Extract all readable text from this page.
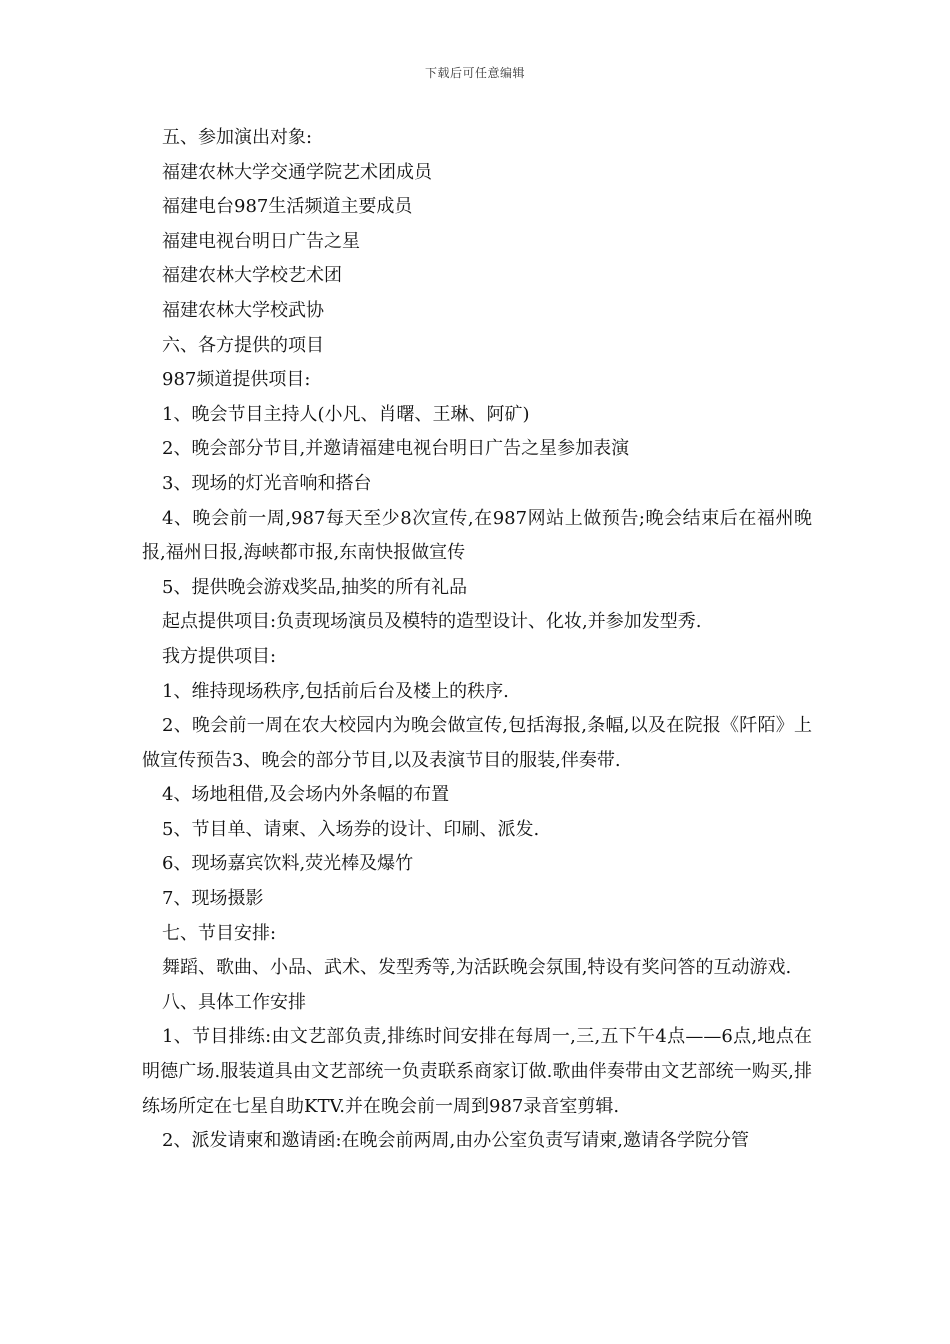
下载后可任意编辑

五、参加演出对象:

福建农林大学交通学院艺术团成员

福建电台987生活频道主要成员

福建电视台明日广告之星

福建农林大学校艺术团

福建农林大学校武协

六、各方提供的项目

987频道提供项目:

1、晚会节目主持人(小凡、肖曙、王琳、阿矿)

2、晚会部分节目,并邀请福建电视台明日广告之星参加表演

3、现场的灯光音响和搭台

4、晚会前一周,987每天至少8次宣传,在987网站上做预告;晚会结束后在福州晚报,福州日报,海峡都市报,东南快报做宣传

5、提供晚会游戏奖品,抽奖的所有礼品

起点提供项目:负责现场演员及模特的造型设计、化妆,并参加发型秀.

我方提供项目:

1、维持现场秩序,包括前后台及楼上的秩序.

2、晚会前一周在农大校园内为晚会做宣传,包括海报,条幅,以及在院报《阡陌》上做宣传预告3、晚会的部分节目,以及表演节目的服装,伴奏带.

4、场地租借,及会场内外条幅的布置

5、节目单、请柬、入场券的设计、印刷、派发.

6、现场嘉宾饮料,荧光棒及爆竹

7、现场摄影

七、节目安排:

舞蹈、歌曲、小品、武术、发型秀等,为活跃晚会氛围,特设有奖问答的互动游戏.

八、具体工作安排

1、节目排练:由文艺部负责,排练时间安排在每周一,三,五下午4点——6点,地点在明德广场.服装道具由文艺部统一负责联系商家订做.歌曲伴奏带由文艺部统一购买,排练场所定在七星自助KTV.并在晚会前一周到987录音室剪辑.

2、派发请柬和邀请函:在晚会前两周,由办公室负责写请柬,邀请各学院分管
